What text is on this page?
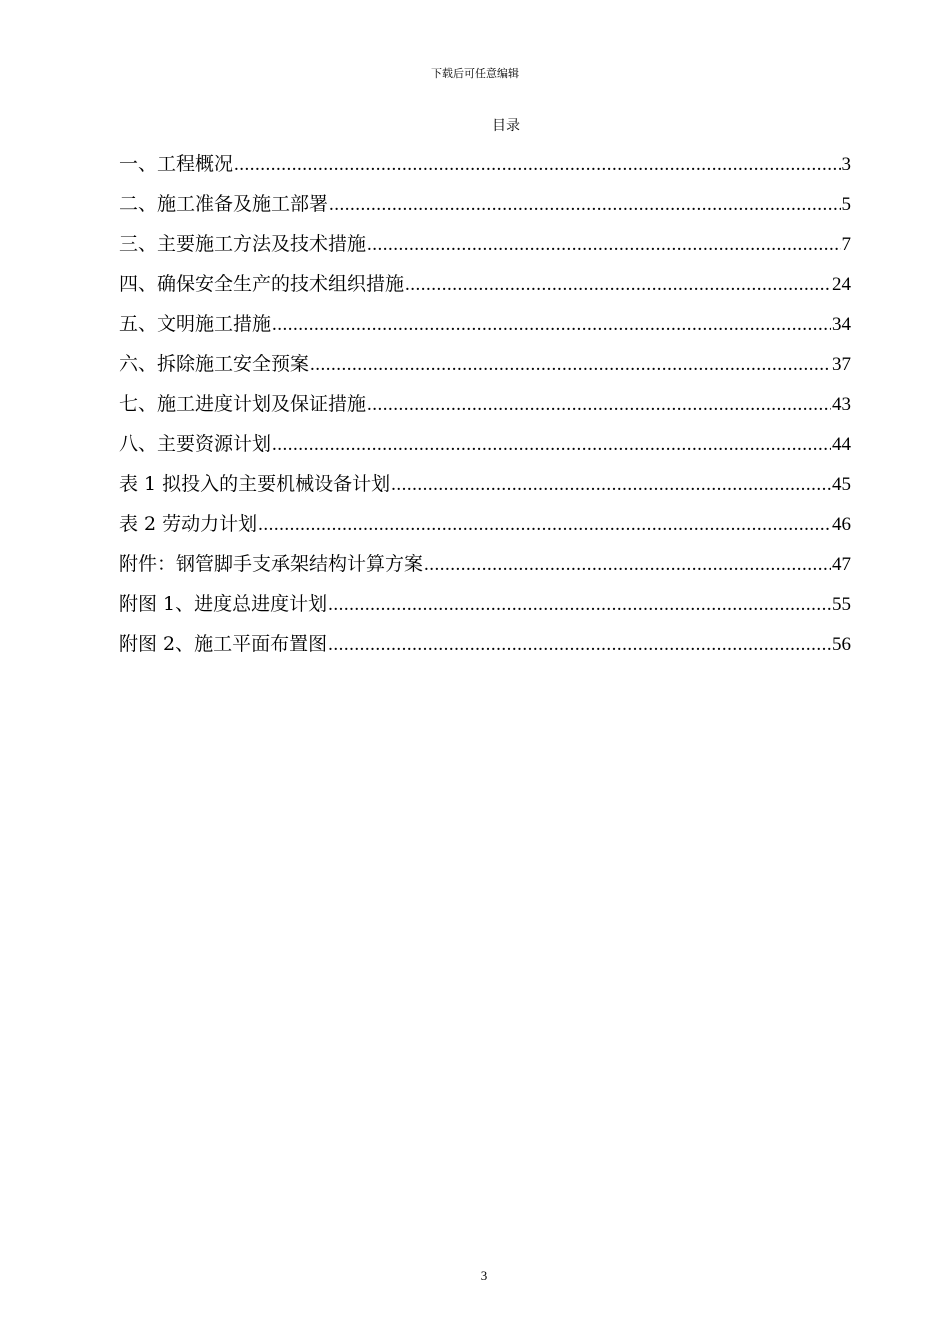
下载后可任意编辑
目录
一、工程概况 .....	3
二、施工准备及施工部署 .....	5
三、主要施工方法及技术措施 .....	7
四、确保安全生产的技术组织措施 .....	24
五、文明施工措施 .....	34
六、拆除施工安全预案 .....	37
七、施工进度计划及保证措施 .....	43
八、主要资源计划 .....	44
表 1 拟投入的主要机械设备计划 .....	45
表 2 劳动力计划 .....	46
附件：钢管脚手支承架结构计算方案 .....	47
附图 1、进度总进度计划 .....	55
附图 2、施工平面布置图 .....	56
3
